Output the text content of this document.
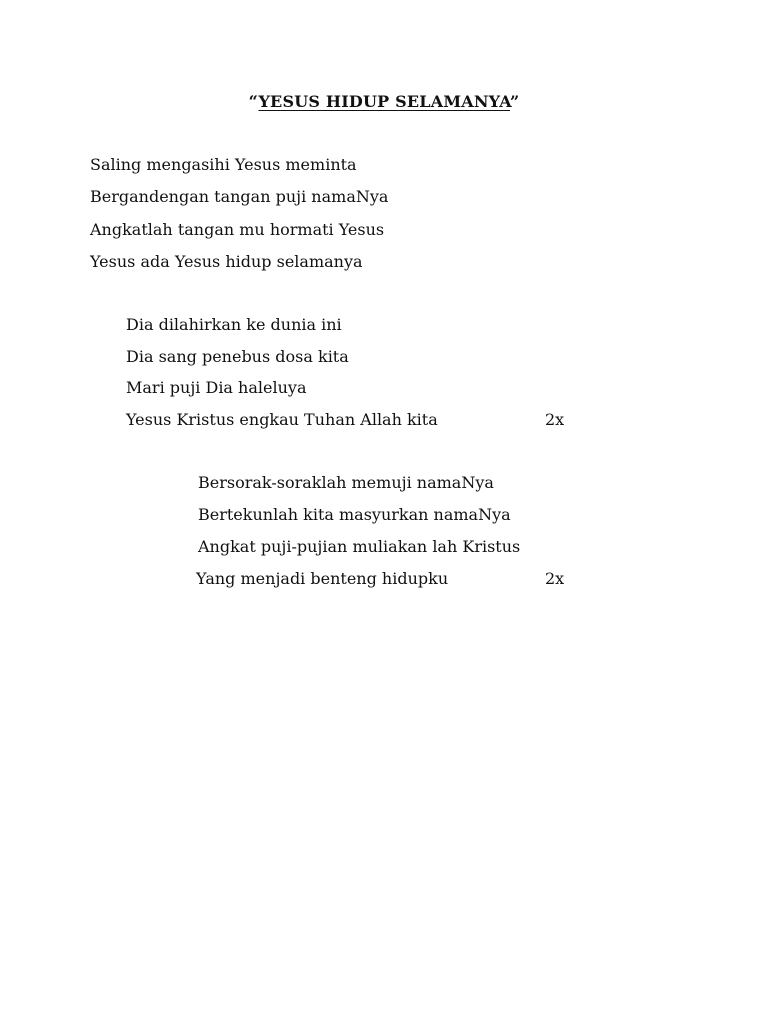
“YESUS HIDUP SELAMANYA”
Saling mengasihi Yesus meminta
Bergandengan tangan puji namaNya
Angkatlah tangan mu hormati Yesus
Yesus ada Yesus hidup selamanya
Dia dilahirkan ke dunia ini
Dia sang penebus dosa kita
Mari puji Dia haleluya
Yesus Kristus engkau Tuhan Allah kita	2x
Bersorak-soraklah memuji namaNya
Bertekunlah kita masyurkan namaNya
Angkat puji-pujian muliakan lah Kristus
Yang menjadi benteng hidupku	2x
